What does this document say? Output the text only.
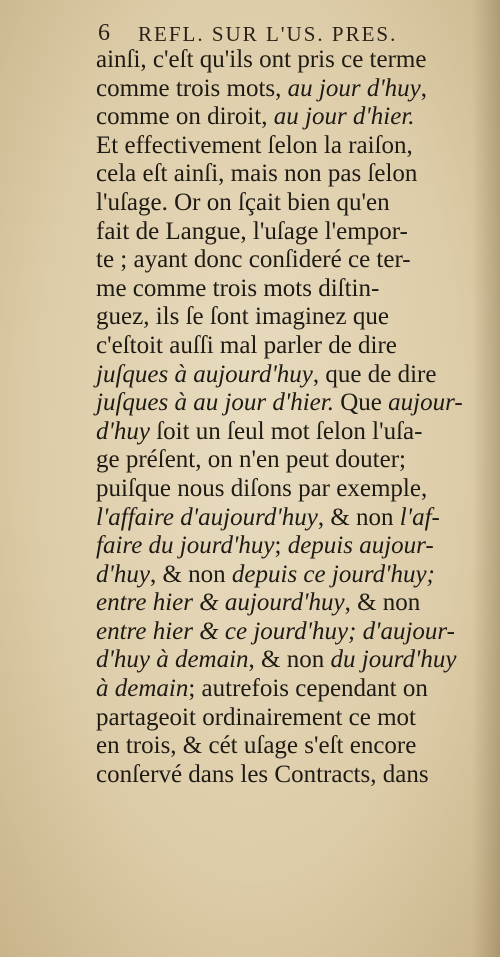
6 REFL. SUR L'US. PRES.
ainſi, c'eſt qu'ils ont pris ce terme
comme trois mots, au jour d'huy,
comme on diroit, au jour d'hier.
Et effectivement ſelon la raiſon,
cela eſt ainſi, mais non pas ſelon
l'uſage. Or on ſçait bien qu'en
fait de Langue, l'uſage l'empor-
te ; ayant donc conſideré ce ter-
me comme trois mots diſtin-
guez, ils ſe ſont imaginez que
c'eſtoit auſſi mal parler de dire
juſques à aujourd'huy, que de dire
juſques à au jour d'hier. Que aujour-
d'huy ſoit un ſeul mot ſelon l'uſa-
ge préſent, on n'en peut douter;
puiſque nous diſons par exemple,
l'affaire d'aujourd'huy, & non l'af-
faire du jourd'huy; depuis aujour-
d'huy, & non depuis ce jourd'huy;
entre hier & aujourd'huy, & non
entre hier & ce jourd'huy; d'aujour-
d'huy à demain, & non du jourd'huy
à demain; autrefois cependant on
partageoit ordinairement ce mot
en trois, & cét uſage s'eſt encore
conſervé dans les Contracts, dans
